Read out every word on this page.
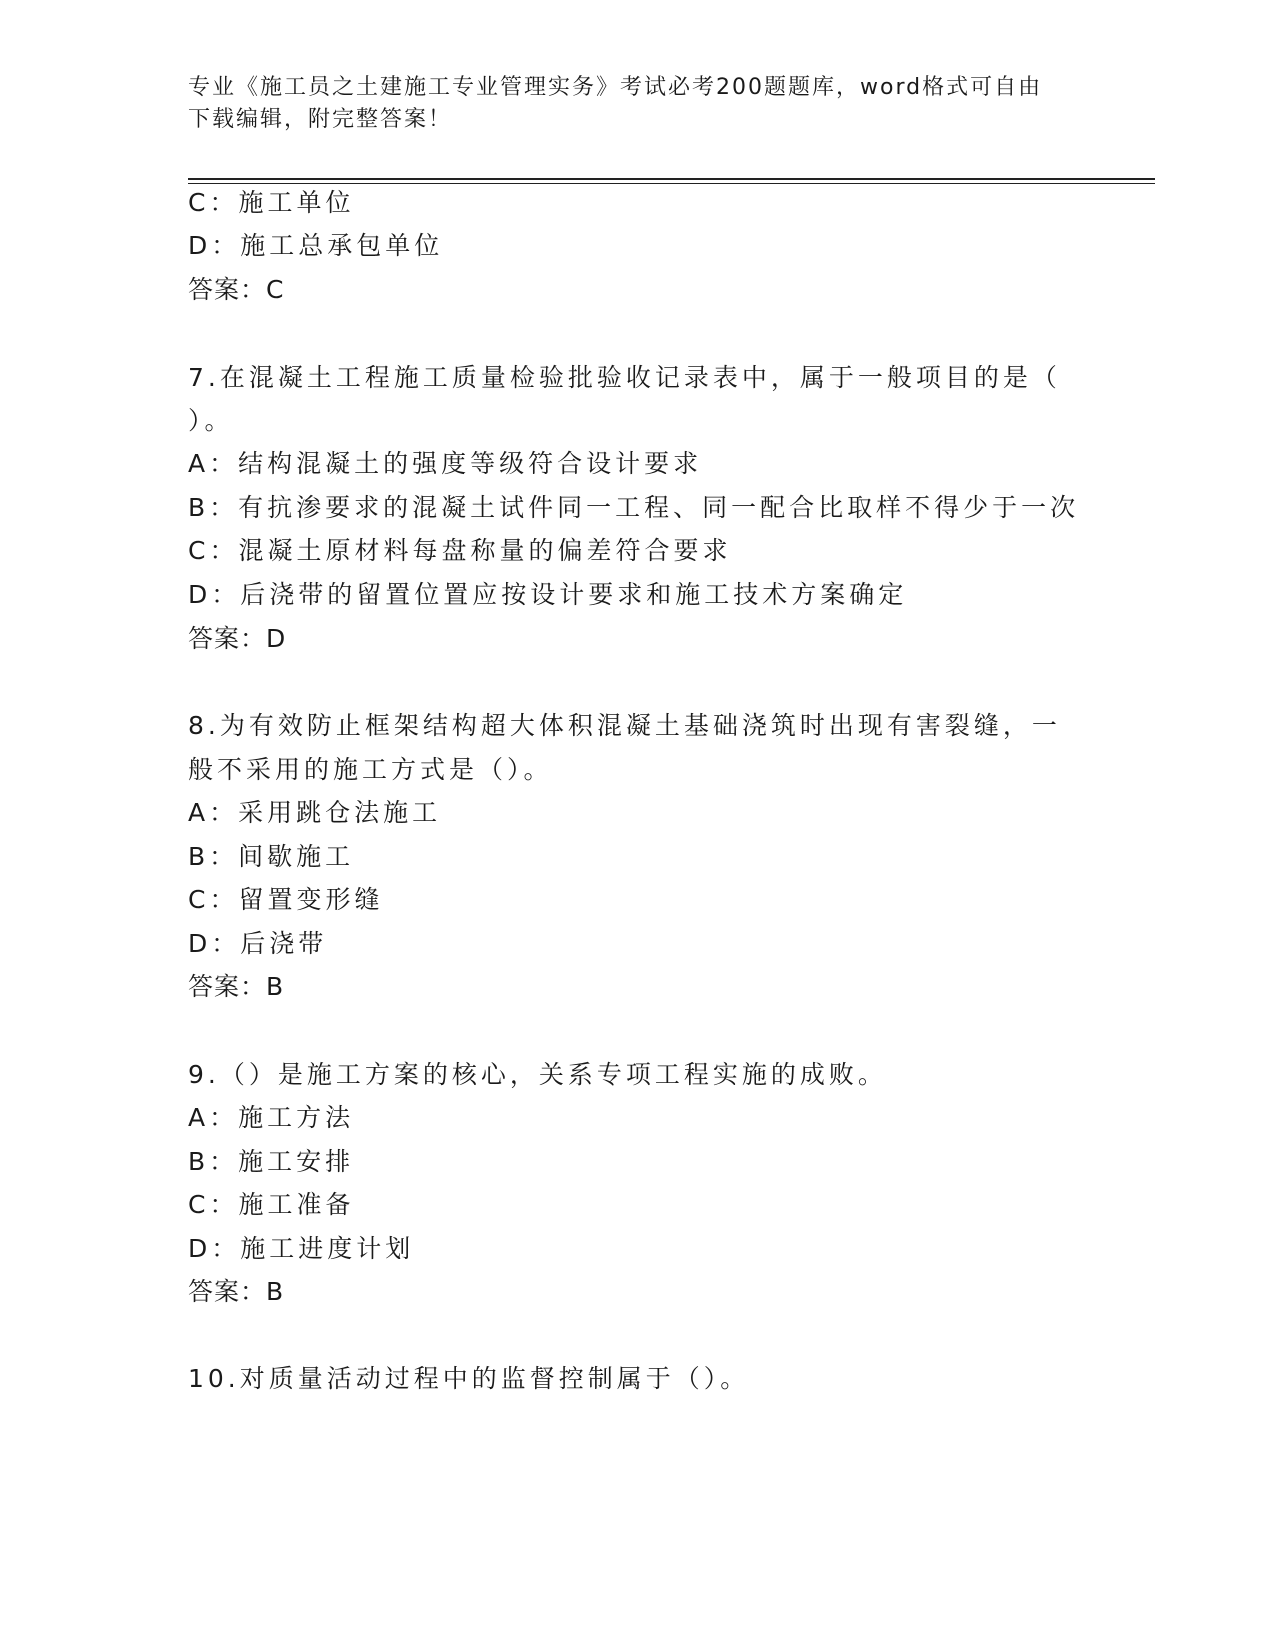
专业《施工员之土建施工专业管理实务》考试必考200题题库，word格式可自由
下载编辑，附完整答案！
C：施工单位
D：施工总承包单位
答案：C
7.在混凝土工程施工质量检验批验收记录表中，属于一般项目的是（
）。
A：结构混凝土的强度等级符合设计要求
B：有抗渗要求的混凝土试件同一工程、同一配合比取样不得少于一次
C：混凝土原材料每盘称量的偏差符合要求
D：后浇带的留置位置应按设计要求和施工技术方案确定
答案：D
8.为有效防止框架结构超大体积混凝土基础浇筑时出现有害裂缝，一
般不采用的施工方式是（）。
A：采用跳仓法施工
B：间歇施工
C：留置变形缝
D：后浇带
答案：B
9.（）是施工方案的核心，关系专项工程实施的成败。
A：施工方法
B：施工安排
C：施工准备
D：施工进度计划
答案：B
10.对质量活动过程中的监督控制属于（）。
